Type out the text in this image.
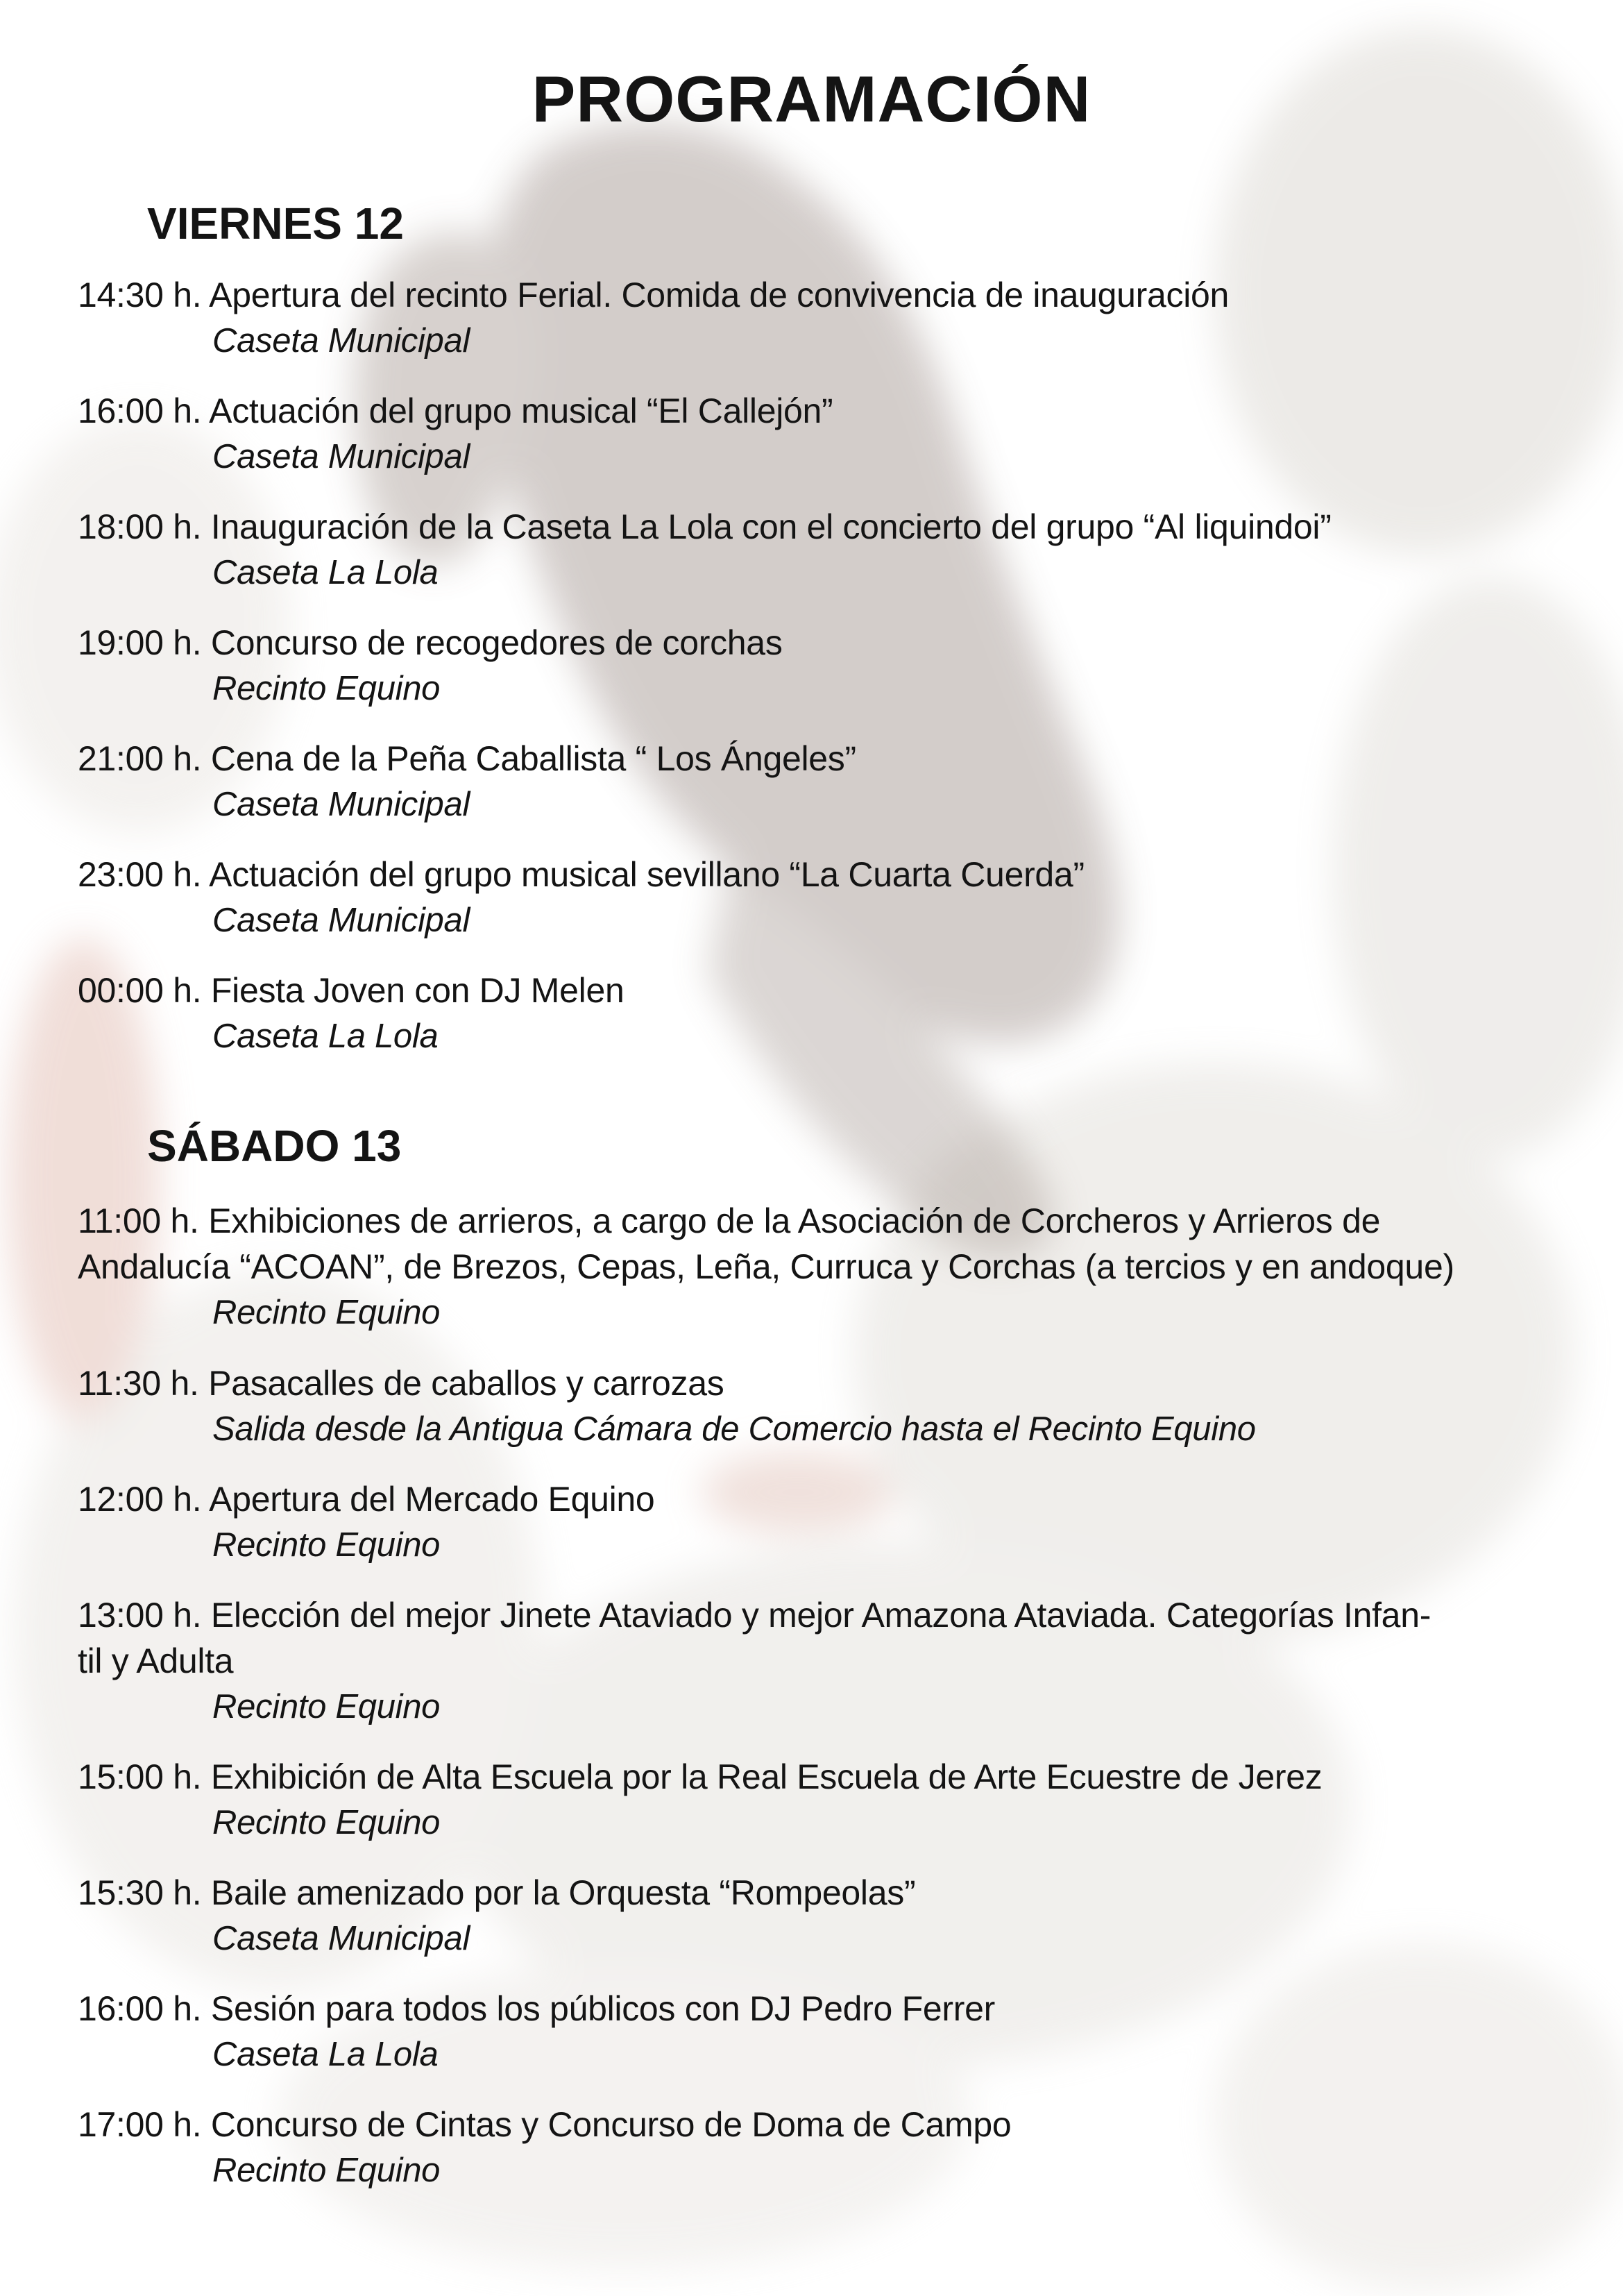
PROGRAMACIÓN
VIERNES 12
14:30 h. Apertura del recinto Ferial. Comida de convivencia de inauguración
Caseta Municipal
16:00 h. Actuación del grupo musical “El Callejón”
Caseta Municipal
18:00 h. Inauguración de la Caseta La Lola con el concierto del grupo “Al liquindoi”
Caseta La Lola
19:00 h. Concurso de recogedores de corchas
Recinto Equino
21:00 h. Cena de la Peña Caballista “ Los Ángeles”
Caseta Municipal
23:00 h. Actuación del grupo musical sevillano “La Cuarta Cuerda”
Caseta Municipal
00:00 h. Fiesta Joven con DJ Melen
Caseta La Lola
SÁBADO 13
11:00 h. Exhibiciones de arrieros, a cargo de la Asociación de Corcheros y Arrieros de
Andalucía “ACOAN”, de Brezos, Cepas, Leña, Curruca y Corchas (a tercios y en andoque)
Recinto Equino
11:30 h. Pasacalles de caballos y carrozas
Salida desde la Antigua Cámara de Comercio hasta el Recinto Equino
12:00 h. Apertura del Mercado Equino
Recinto Equino
13:00 h. Elección del mejor Jinete Ataviado y mejor Amazona Ataviada. Categorías Infan-
til y Adulta
Recinto Equino
15:00 h. Exhibición de Alta Escuela por la Real Escuela de Arte Ecuestre de Jerez
Recinto Equino
15:30 h. Baile amenizado por la Orquesta “Rompeolas”
Caseta Municipal
16:00 h. Sesión para todos los públicos con DJ Pedro Ferrer
Caseta La Lola
17:00 h. Concurso de Cintas y Concurso de Doma de Campo
Recinto Equino
